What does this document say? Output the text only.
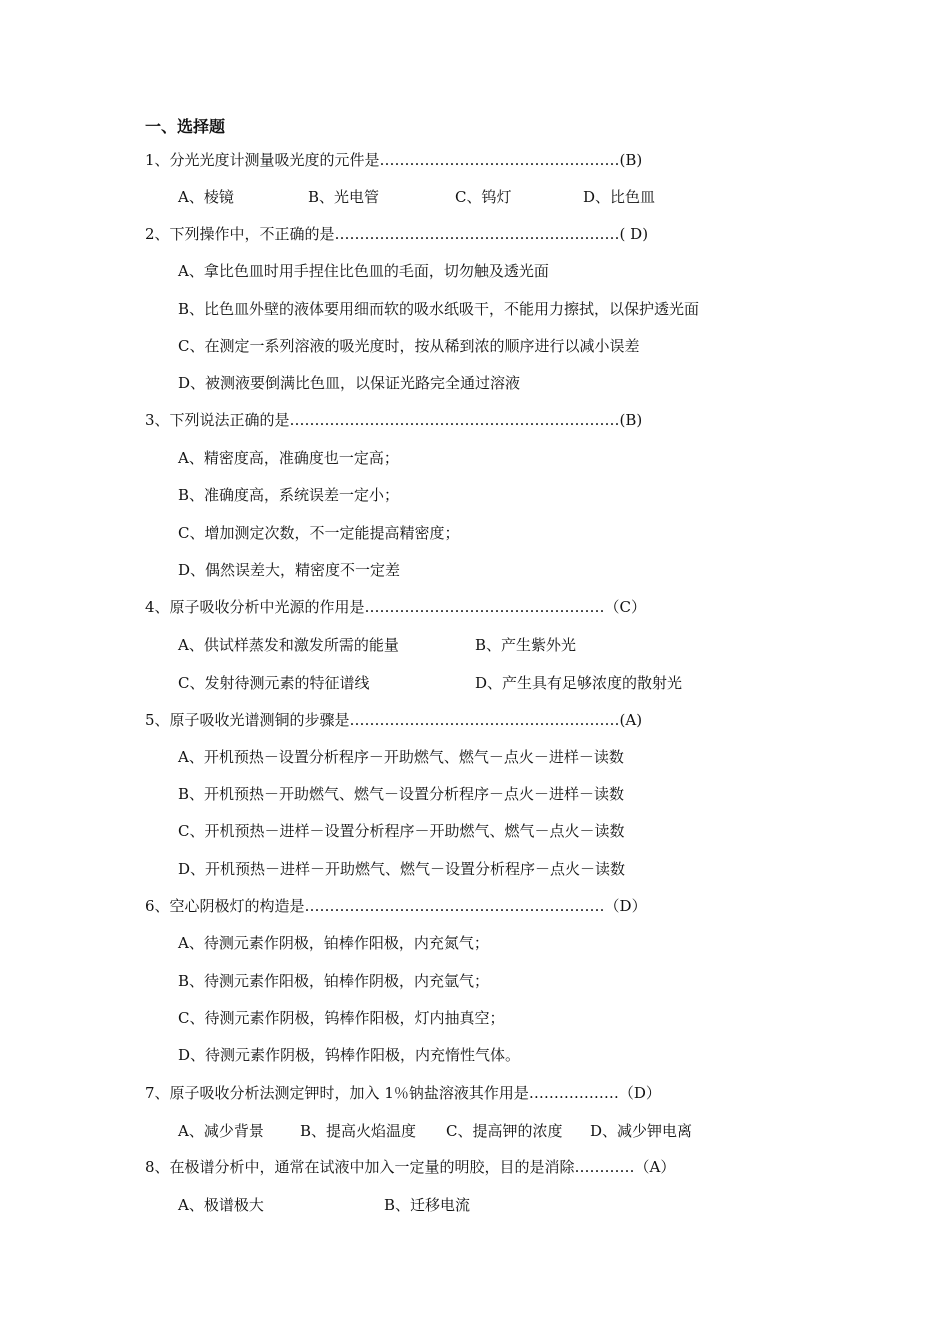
一、选择题
1、分光光度计测量吸光度的元件是…………………………………………(B)
A、棱镜	B、光电管	C、钨灯	D、比色皿
2、下列操作中，不正确的是…………………………………………………( D)
A、拿比色皿时用手捏住比色皿的毛面，切勿触及透光面
B、比色皿外壁的液体要用细而软的吸水纸吸干，不能用力擦拭，以保护透光面
C、在测定一系列溶液的吸光度时，按从稀到浓的顺序进行以减小误差
D、被测液要倒满比色皿，以保证光路完全通过溶液
3、下列说法正确的是…………………………………………………………(B)
A、精密度高，准确度也一定高；
B、准确度高，系统误差一定小；
C、增加测定次数，不一定能提高精密度；
D、偶然误差大，精密度不一定差
4、原子吸收分析中光源的作用是…………………………………………（C）
A、供试样蒸发和激发所需的能量	B、产生紫外光
C、发射待测元素的特征谱线	D、产生具有足够浓度的散射光
5、原子吸收光谱测铜的步骤是………………………………………………(A)
A、开机预热－设置分析程序－开助燃气、燃气－点火－进样－读数
B、开机预热－开助燃气、燃气－设置分析程序－点火－进样－读数
C、开机预热－进样－设置分析程序－开助燃气、燃气－点火－读数
D、开机预热－进样－开助燃气、燃气－设置分析程序－点火－读数
6、空心阴极灯的构造是……………………………………………………（D）
A、待测元素作阴极，铂棒作阳极，内充氮气；
B、待测元素作阳极，铂棒作阴极，内充氩气；
C、待测元素作阴极，钨棒作阳极，灯内抽真空；
D、待测元素作阴极，钨棒作阳极，内充惰性气体。
7、原子吸收分析法测定钾时，加入 1％钠盐溶液其作用是………………（D）
A、减少背景 B、提高火焰温度 C、提高钾的浓度 D、减少钾电离
8、在极谱分析中，通常在试液中加入一定量的明胶，目的是消除…………（A）
A、极谱极大	B、迁移电流
